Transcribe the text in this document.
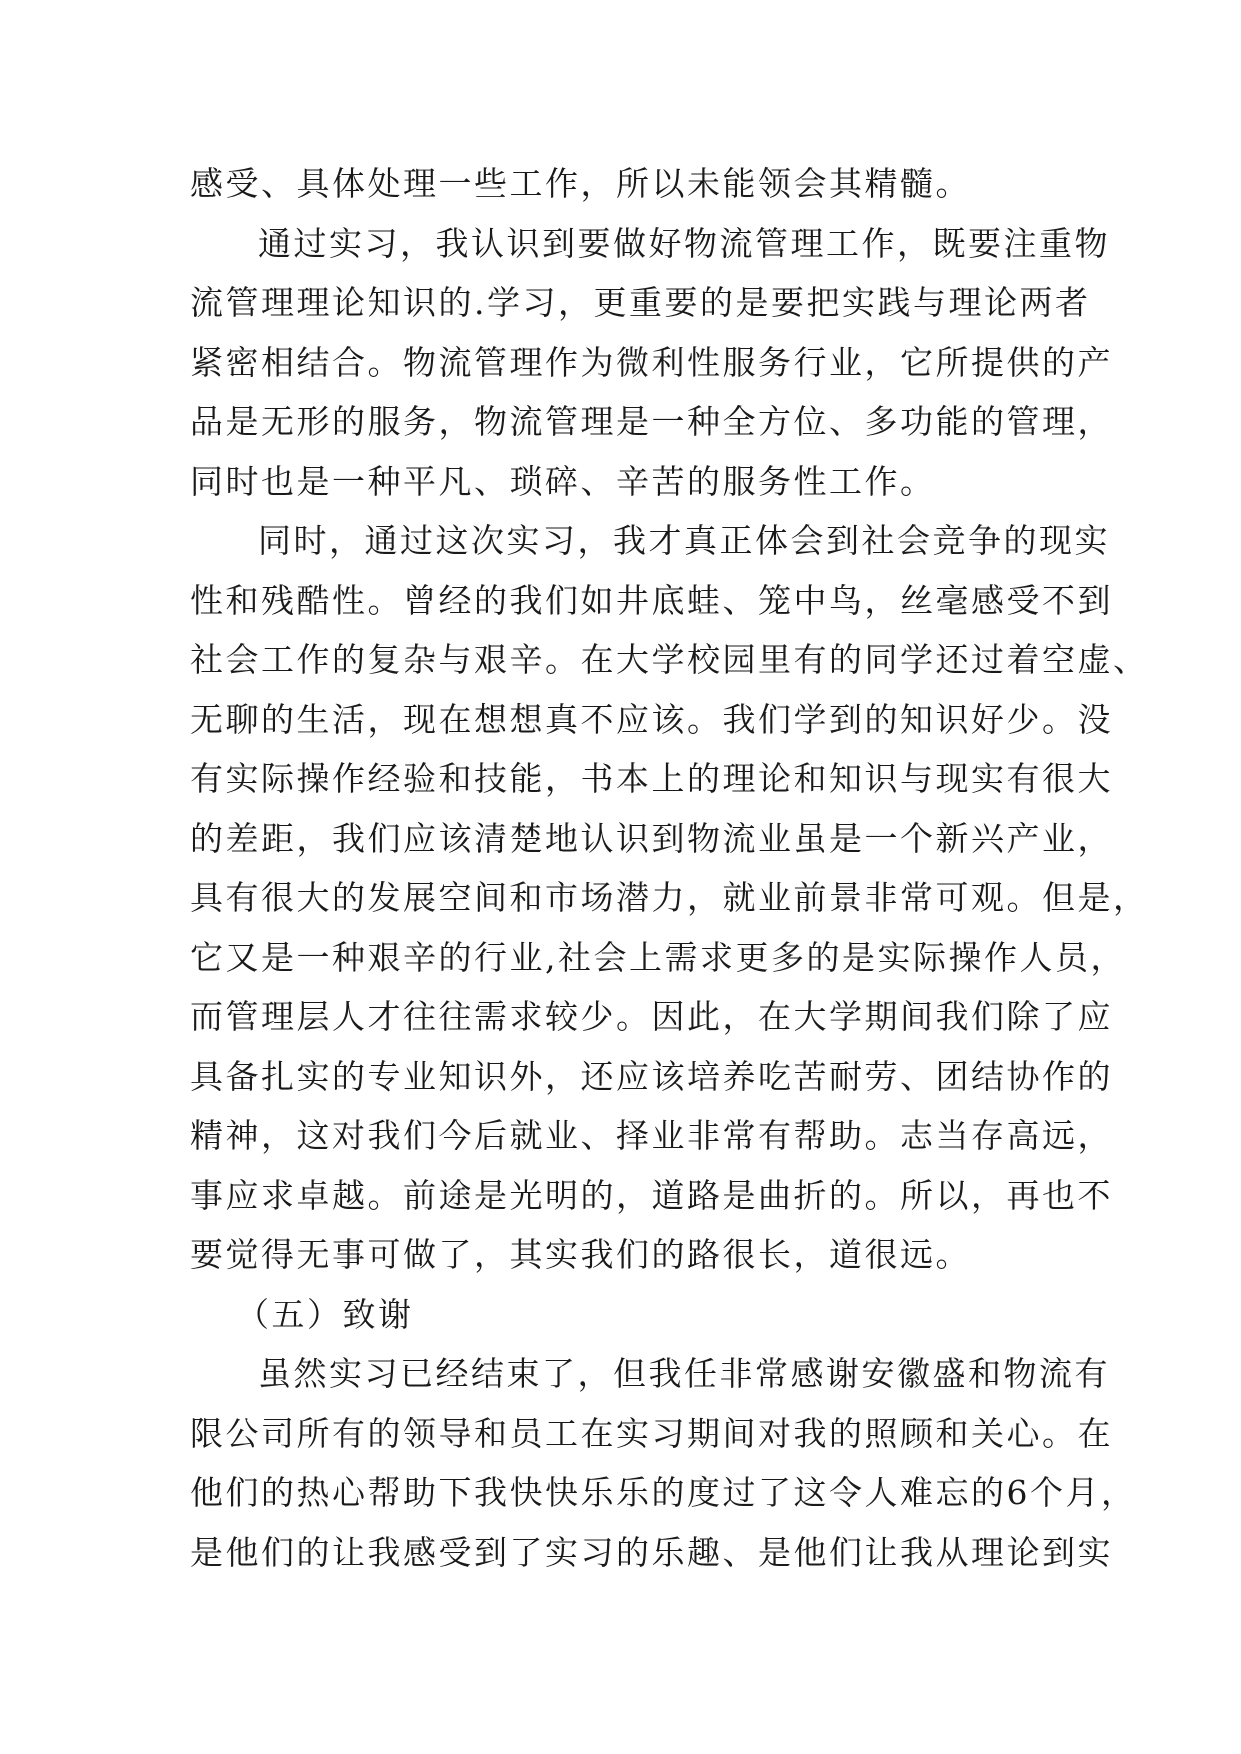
感受、具体处理一些工作，所以未能领会其精髓。
通过实习，我认识到要做好物流管理工作，既要注重物
流管理理论知识的.学习，更重要的是要把实践与理论两者
紧密相结合。物流管理作为微利性服务行业，它所提供的产
品是无形的服务，物流管理是一种全方位、多功能的管理，
同时也是一种平凡、琐碎、辛苦的服务性工作。
同时，通过这次实习，我才真正体会到社会竞争的现实
性和残酷性。曾经的我们如井底蛙、笼中鸟，丝毫感受不到
社会工作的复杂与艰辛。在大学校园里有的同学还过着空虚、
无聊的生活，现在想想真不应该。我们学到的知识好少。没
有实际操作经验和技能，书本上的理论和知识与现实有很大
的差距，我们应该清楚地认识到物流业虽是一个新兴产业，
具有很大的发展空间和市场潜力，就业前景非常可观。但是，
它又是一种艰辛的行业,社会上需求更多的是实际操作人员，
而管理层人才往往需求较少。因此，在大学期间我们除了应
具备扎实的专业知识外，还应该培养吃苦耐劳、团结协作的
精神，这对我们今后就业、择业非常有帮助。志当存高远，
事应求卓越。前途是光明的，道路是曲折的。所以，再也不
要觉得无事可做了，其实我们的路很长，道很远。
（五）致谢
虽然实习已经结束了，但我任非常感谢安徽盛和物流有
限公司所有的领导和员工在实习期间对我的照顾和关心。在
他们的热心帮助下我快快乐乐的度过了这令人难忘的6个月，
是他们的让我感受到了实习的乐趣、是他们让我从理论到实
